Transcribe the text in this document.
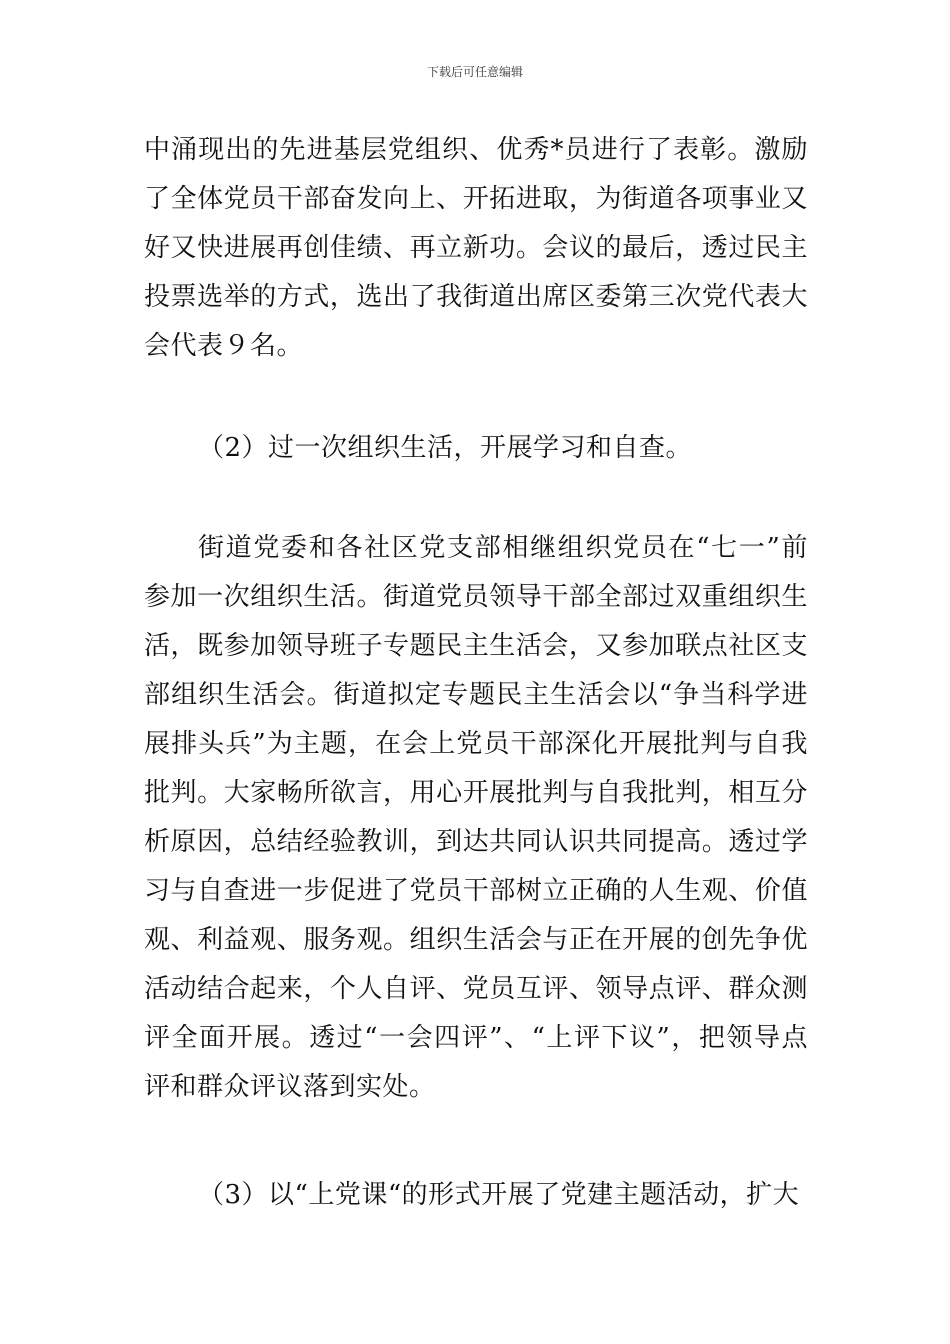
下载后可任意编辑

中涌现出的先进基层党组织、优秀*员进行了表彰。激励了全体党员干部奋发向上、开拓进取，为街道各项事业又好又快进展再创佳绩、再立新功。会议的最后，透过民主投票选举的方式，选出了我街道出席区委第三次党代表大会代表９名。

（2）过一次组织生活，开展学习和自查。

街道党委和各社区党支部相继组织党员在“七一”前参加一次组织生活。街道党员领导干部全部过双重组织生活，既参加领导班子专题民主生活会，又参加联点社区支部组织生活会。街道拟定专题民主生活会以“争当科学进展排头兵”为主题，在会上党员干部深化开展批判与自我批判。大家畅所欲言，用心开展批判与自我批判，相互分析原因，总结经验教训，到达共同认识共同提高。透过学习与自查进一步促进了党员干部树立正确的人生观、价值观、利益观、服务观。组织生活会与正在开展的创先争优活动结合起来，个人自评、党员互评、领导点评、群众测评全面开展。透过“一会四评”、“上评下议”，把领导点评和群众评议落到实处。

（3）以“上党课“的形式开展了党建主题活动，扩大
